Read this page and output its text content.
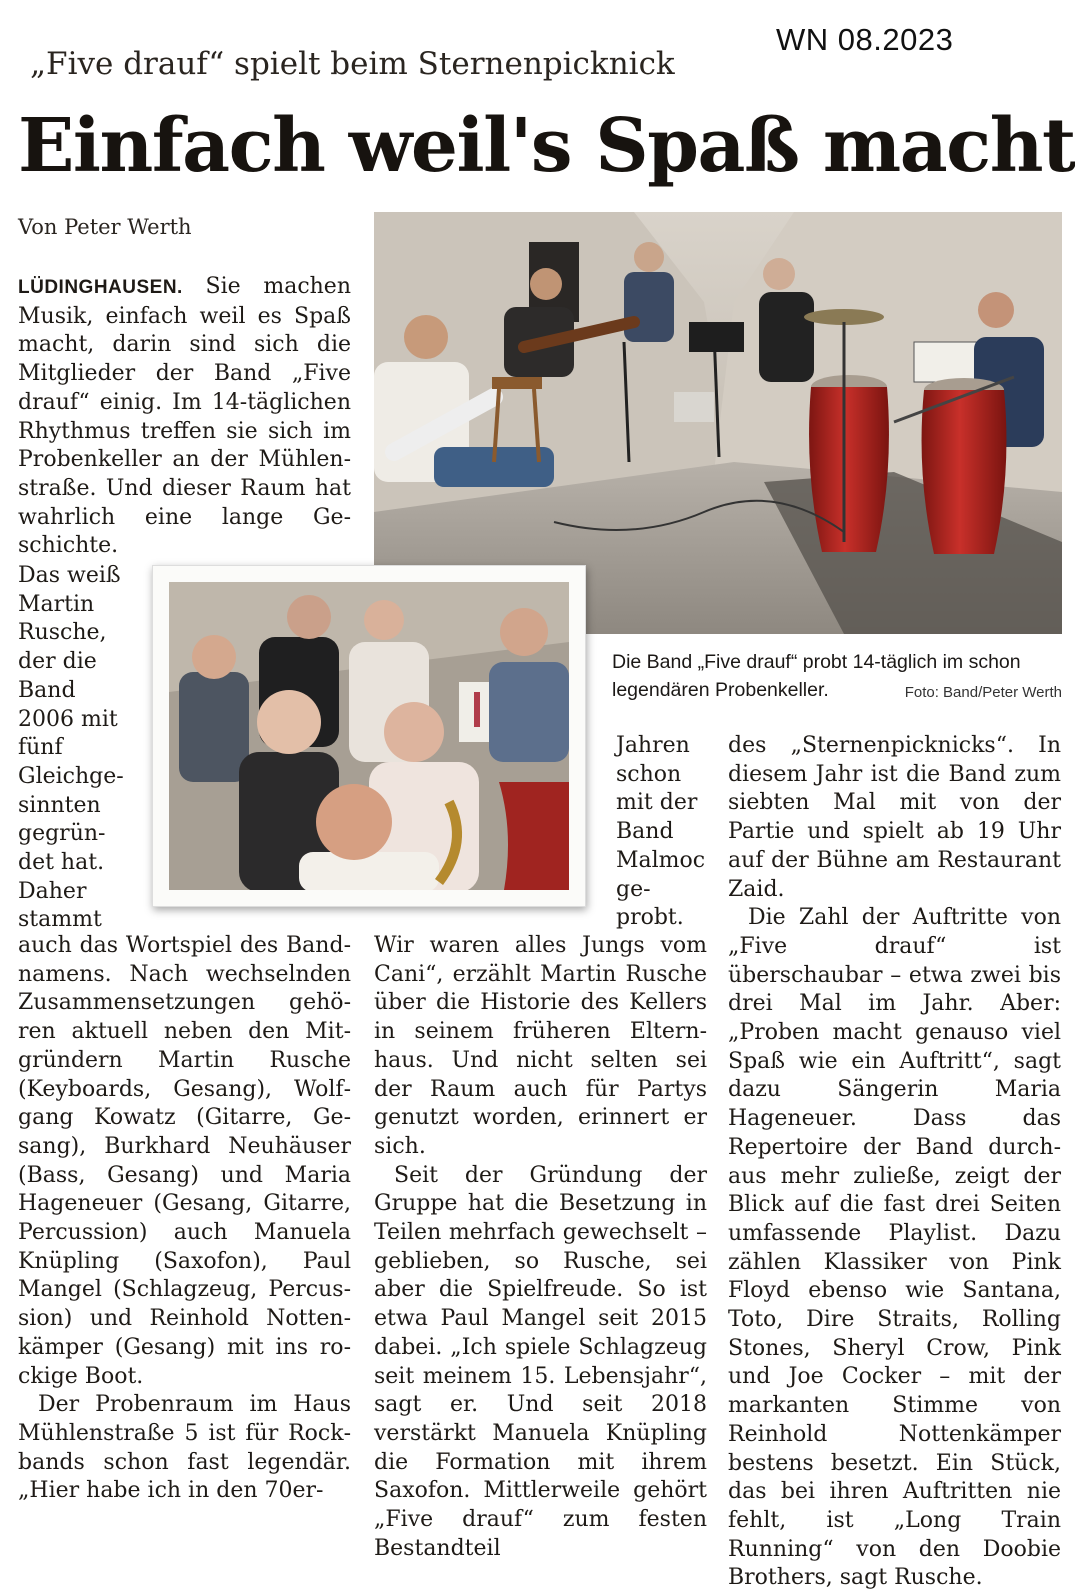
WN 08.2023
„Five drauf“ spielt beim Sternenpicknick
Einfach weil's Spaß macht
Von Peter Werth
Die Band „Five drauf“ probt 14-täglich im schon legendären Probenkeller.	Foto: Band/Peter Werth

LÜDINGHAUSEN. Sie machen Musik, einfach weil es Spaß macht, darin sind sich die Mitglieder der Band „Five drauf“ einig. Im 14-täglichen Rhythmus treffen sie sich im Probenkeller an der Mühlenstraße. Und dieser Raum hat wahrlich eine lange Geschichte.

Das weiß Martin Rusche, der die Band 2006 mit fünf Gleichgesinnten gegründet hat. Daher stammt

auch das Wortspiel des Bandnamens. Nach wechselnden Zusammensetzungen gehören aktuell neben den Mitgründern Martin Rusche (Keyboards, Gesang), Wolfgang Kowatz (Gitarre, Gesang), Burkhard Neuhäuser (Bass, Gesang) und Maria Hageneuer (Gesang, Gitarre, Percussion) auch Manuela Knüpling (Saxofon), Paul Mangel (Schlagzeug, Percussion) und Reinhold Nottenkämper (Gesang) mit ins rockige Boot.

Der Probenraum im Haus Mühlenstraße 5 ist für Rockbands schon fast legendär. „Hier habe ich in den 70er-

Jahren schon mit der Band Malmoc geprobt.

Wir waren alles Jungs vom Cani“, erzählt Martin Rusche über die Historie des Kellers in seinem früheren Elternhaus. Und nicht selten sei der Raum auch für Partys genutzt worden, erinnert er sich.

Seit der Gründung der Gruppe hat die Besetzung in Teilen mehrfach gewechselt – geblieben, so Rusche, sei aber die Spielfreude. So ist etwa Paul Mangel seit 2015 dabei. „Ich spiele Schlagzeug seit meinem 15. Lebensjahr“, sagt er. Und seit 2018 verstärkt Manuela Knüpling die Formation mit ihrem Saxofon. Mittlerweile gehört „Five drauf“ zum festen Bestandteil

des „Sternenpicknicks“. In diesem Jahr ist die Band zum siebten Mal mit von der Partie und spielt ab 19 Uhr auf der Bühne am Restaurant Zaid.

Die Zahl der Auftritte von „Five drauf“ ist überschaubar – etwa zwei bis drei Mal im Jahr. Aber: „Proben macht genauso viel Spaß wie ein Auftritt“, sagt dazu Sängerin Maria Hageneuer. Dass das Repertoire der Band durchaus mehr zuließe, zeigt der Blick auf die fast drei Seiten umfassende Playlist. Dazu zählen Klassiker von Pink Floyd ebenso wie Santana, Toto, Dire Straits, Rolling Stones, Sheryl Crow, Pink und Joe Cocker – mit der markanten Stimme von Reinhold Nottenkämper bestens besetzt. Ein Stück, das bei ihren Auftritten nie fehlt, ist „Long Train Running“ von den Doobie Brothers, sagt Rusche.
